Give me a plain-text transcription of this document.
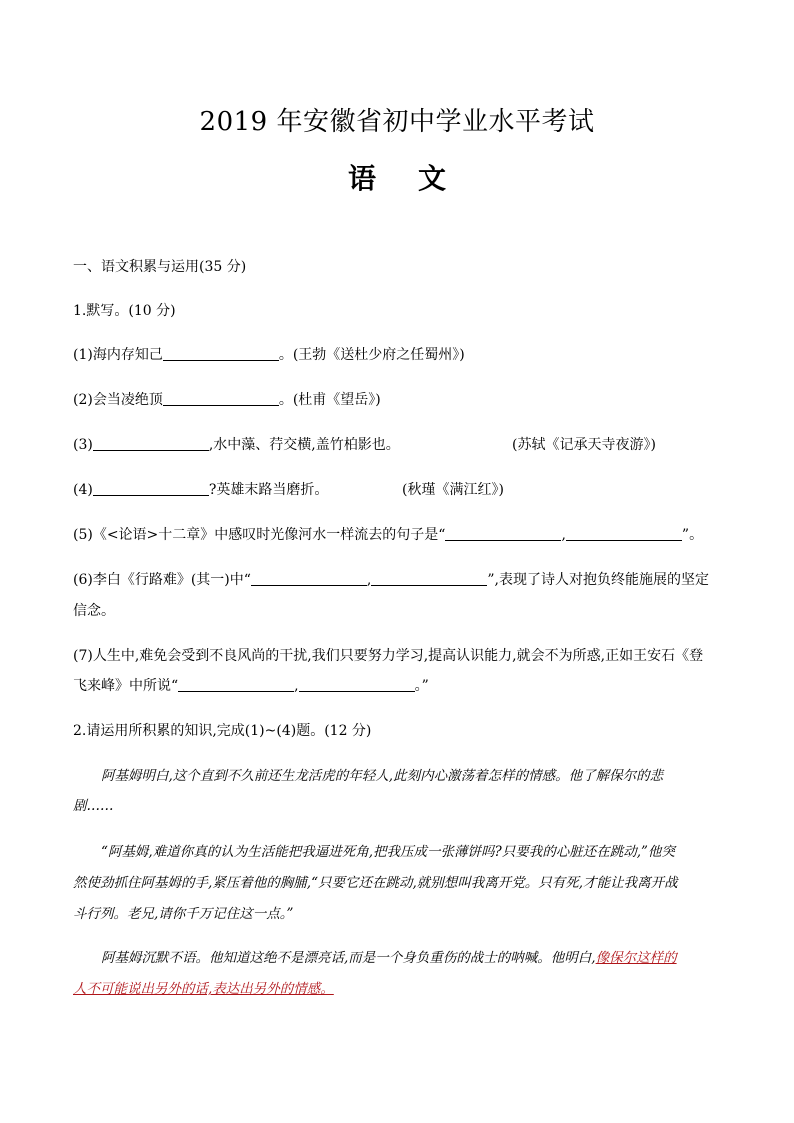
2019 年安徽省初中学业水平考试
语 文
一、语文积累与运用(35 分)
1.默写。(10 分)
(1)海内存知己	。(王勃《送杜少府之任蜀州》)
(2)会当凌绝顶	。(杜甫《望岳》)
(3)	,水中藻、荇交横,盖竹柏影也。	(苏轼《记承天寺夜游》)
(4)	?英雄末路当磨折。	(秋瑾《满江红》)
(5)《<论语>十二章》中感叹时光像河水一样流去的句子是“	,	”。
(6)李白《行路难》(其一)中“	,	”,表现了诗人对抱负终能施展的坚定
信念。
(7)人生中,难免会受到不良风尚的干扰,我们只要努力学习,提高认识能力,就会不为所惑,正如王安石《登
飞来峰》中所说“	,	。”
2.请运用所积累的知识,完成(1)~(4)题。(12 分)
阿基姆明白,这个直到不久前还生龙活虎的年轻人,此刻内心激荡着怎样的情感。他了解保尔的悲
剧……
“阿基姆,难道你真的认为生活能把我逼进死角,把我压成一张薄饼吗?只要我的心脏还在跳动,”他突
然使劲抓住阿基姆的手,紧压着他的胸脯,“只要它还在跳动,就别想叫我离开党。只有死,才能让我离开战
斗行列。老兄,请你千万记住这一点。”
阿基姆沉默不语。他知道这绝不是漂亮话,而是一个身负重伤的战士的呐喊。他明白,像保尔这样的
人不可能说出另外的话,表达出另外的情感。
